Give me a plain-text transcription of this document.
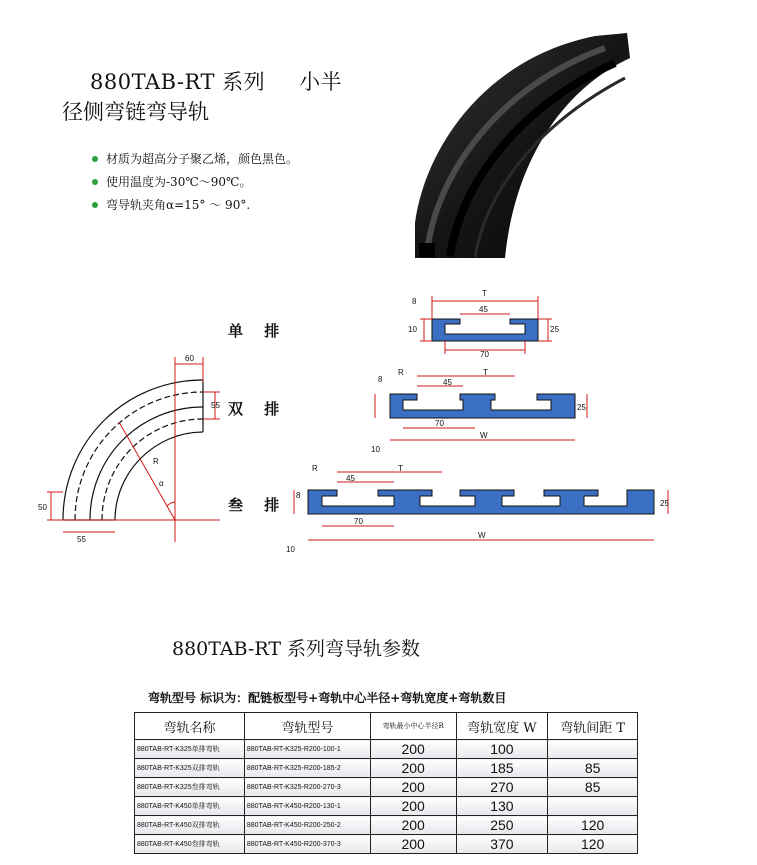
880TAB-RT 系列 小半
径侧弯链弯导轨
材质为超高分子聚乙烯，颜色黑色。
使用温度为-30℃～90℃。
弯导轨夹角α=15° ～ 90°.
60
55
50
55
R
α
单 排
双 排
叁 排
T
45
8
10	25
70
R	T
45
8
25
70
W
10
R	T
45
8
25
70
W
10
880TAB-RT 系列弯导轨参数
弯轨型号 标识为：配链板型号+弯轨中心半径+弯轨宽度+弯轨数目
弯轨名称	弯轨型号	弯轨最小中心半径R	弯轨宽度 W	弯轨间距 T
880TAB-RT-K325单排弯轨	880TAB-RT-K325-R200-100-1	200	100	
880TAB-RT-K325双排弯轨	880TAB-RT-K325-R200-185-2	200	185	85
880TAB-RT-K325叁排弯轨	880TAB-RT-K325-R200-270-3	200	270	85
880TAB-RT-K450单排弯轨	880TAB-RT-K450-R200-130-1	200	130	
880TAB-RT-K450双排弯轨	880TAB-RT-K450-R200-250-2	200	250	120
880TAB-RT-K450叁排弯轨	880TAB-RT-K450-R200-370-3	200	370	120
